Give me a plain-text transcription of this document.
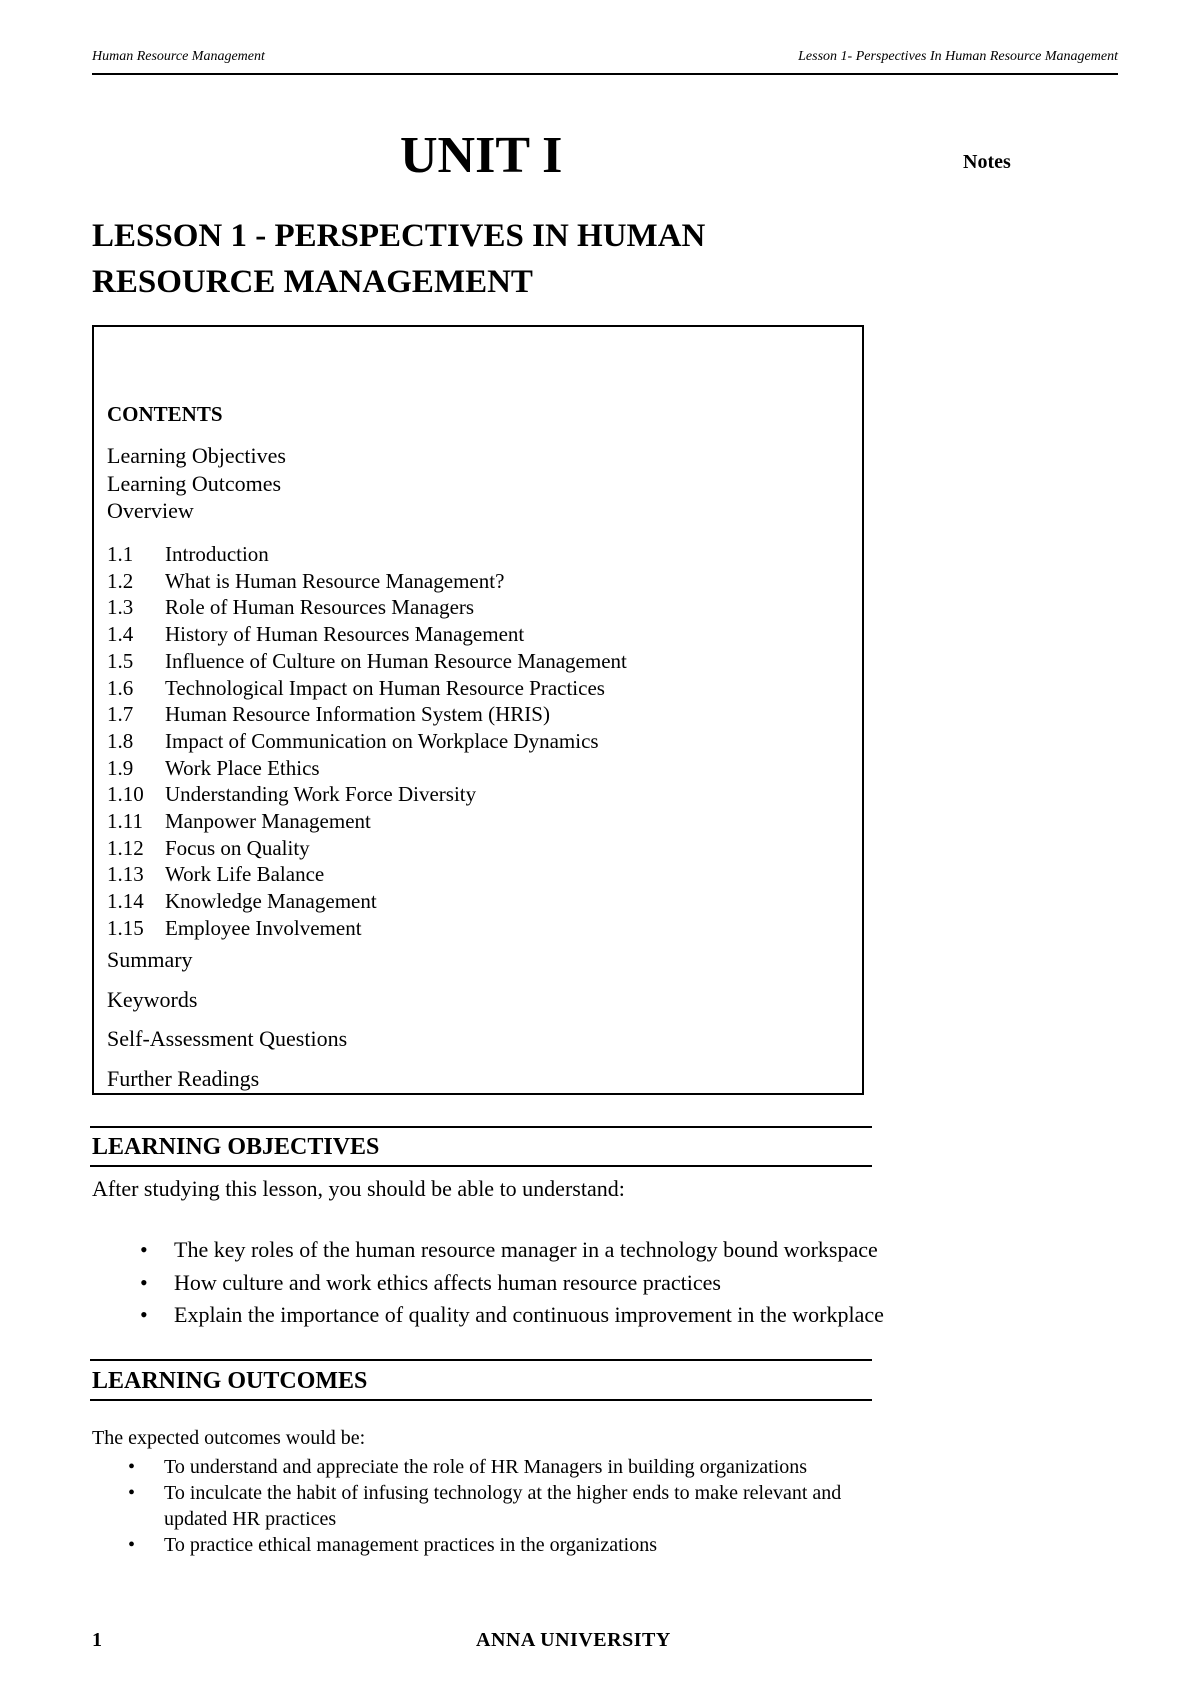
Human Resource Management	Lesson 1- Perspectives In Human Resource Management
UNIT I	Notes
LESSON 1 - PERSPECTIVES IN HUMAN
RESOURCE MANAGEMENT
CONTENTS
Learning Objectives
Learning Outcomes
Overview
1.1 Introduction
1.2 What is Human Resource Management?
1.3 Role of Human Resources Managers
1.4 History of Human Resources Management
1.5 Influence of Culture on Human Resource Management
1.6 Technological Impact on Human Resource Practices
1.7 Human Resource Information System (HRIS)
1.8 Impact of Communication on Workplace Dynamics
1.9 Work Place Ethics
1.10 Understanding Work Force Diversity
1.11 Manpower Management
1.12 Focus on Quality
1.13 Work Life Balance
1.14 Knowledge Management
1.15 Employee Involvement
Summary
Keywords
Self-Assessment Questions
Further Readings
LEARNING OBJECTIVES
After studying this lesson, you should be able to understand:
• The key roles of the human resource manager in a technology bound workspace
• How culture and work ethics affects human resource practices
• Explain the importance of quality and continuous improvement in the workplace
LEARNING OUTCOMES
The expected outcomes would be:
• To understand and appreciate the role of HR Managers in building organizations
• To inculcate the habit of infusing technology at the higher ends to make relevant and updated HR practices
• To practice ethical management practices in the organizations
1	ANNA UNIVERSITY
